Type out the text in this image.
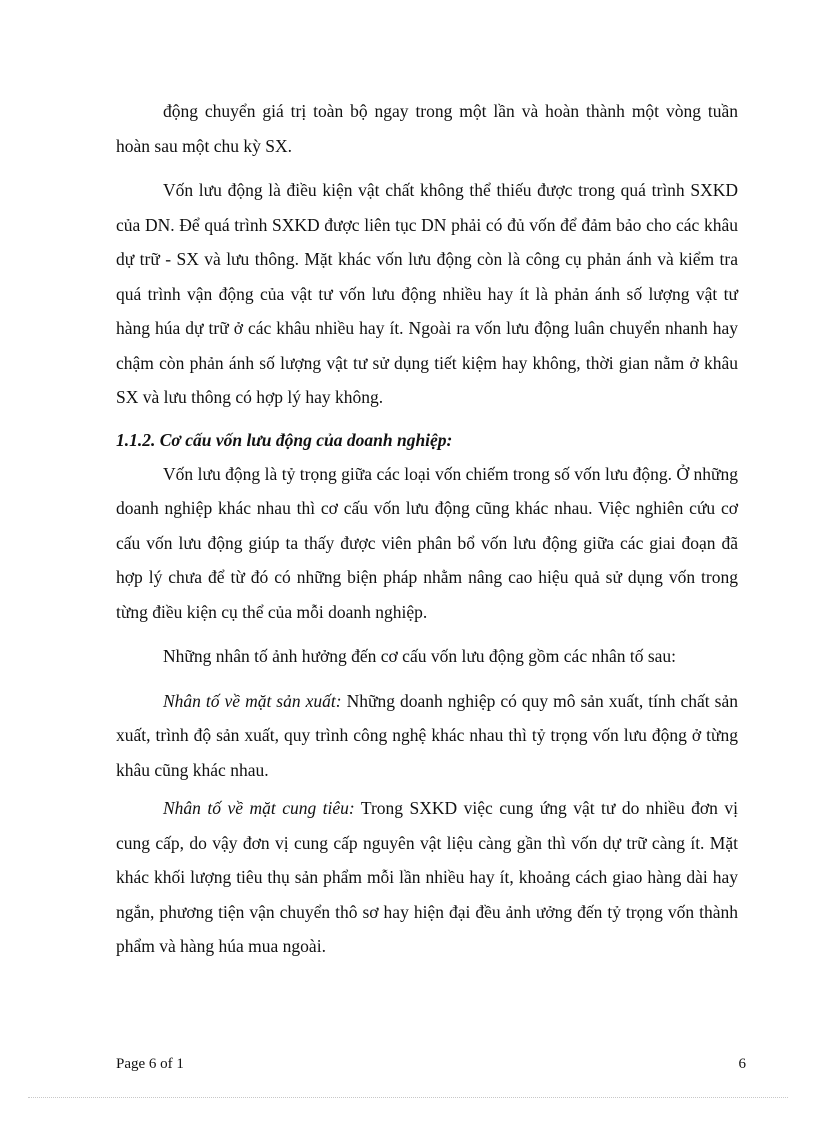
động chuyển giá trị toàn bộ ngay trong một lần và hoàn thành một vòng tuần hoàn sau một chu kỳ SX.

Vốn lưu động là điều kiện vật chất không thể thiếu được trong quá trình SXKD của DN. Để quá trình SXKD được liên tục DN phải có đủ vốn để đảm bảo cho các khâu dự trữ - SX và lưu thông. Mặt khác vốn lưu động còn là công cụ phản ánh và kiểm tra quá trình vận động của vật tư vốn lưu động nhiều hay ít là phản ánh số lượng vật tư hàng húa dự trữ ở các khâu nhiều hay ít. Ngoài ra vốn lưu động luân chuyển nhanh hay chậm còn phản ánh số lượng vật tư sử dụng tiết kiệm hay không, thời gian nằm ở khâu SX và lưu thông có hợp lý hay không.

1.1.2. Cơ cấu vốn lưu động của doanh nghiệp:

Vốn lưu động là tỷ trọng giữa các loại vốn chiếm trong số vốn lưu động. Ở những doanh nghiệp khác nhau thì cơ cấu vốn lưu động cũng khác nhau. Việc nghiên cứu cơ cấu vốn lưu động giúp ta thấy được viên phân bổ vốn lưu động giữa các giai đoạn đã hợp lý chưa để từ đó có những biện pháp nhằm nâng cao hiệu quả sử dụng vốn trong từng điều kiện cụ thể của mỗi doanh nghiệp.

Những nhân tố ảnh hưởng đến cơ cấu vốn lưu động gồm các nhân tố sau:

Nhân tố về mặt sản xuất: Những doanh nghiệp có quy mô sản xuất, tính chất sản xuất, trình độ sản xuất, quy trình công nghệ khác nhau thì tỷ trọng vốn lưu động ở từng khâu cũng khác nhau.

Nhân tố về mặt cung tiêu: Trong SXKD việc cung ứng vật tư do nhiều đơn vị cung cấp, do vậy đơn vị cung cấp nguyên vật liệu càng gần thì vốn dự trữ càng ít. Mặt khác khối lượng tiêu thụ sản phẩm mỗi lần nhiều hay ít, khoảng cách giao hàng dài hay ngắn, phương tiện vận chuyển thô sơ hay hiện đại đều ảnh ưởng đến tỷ trọng vốn thành phẩm và hàng húa mua ngoài.

Page 6 of 1	6
